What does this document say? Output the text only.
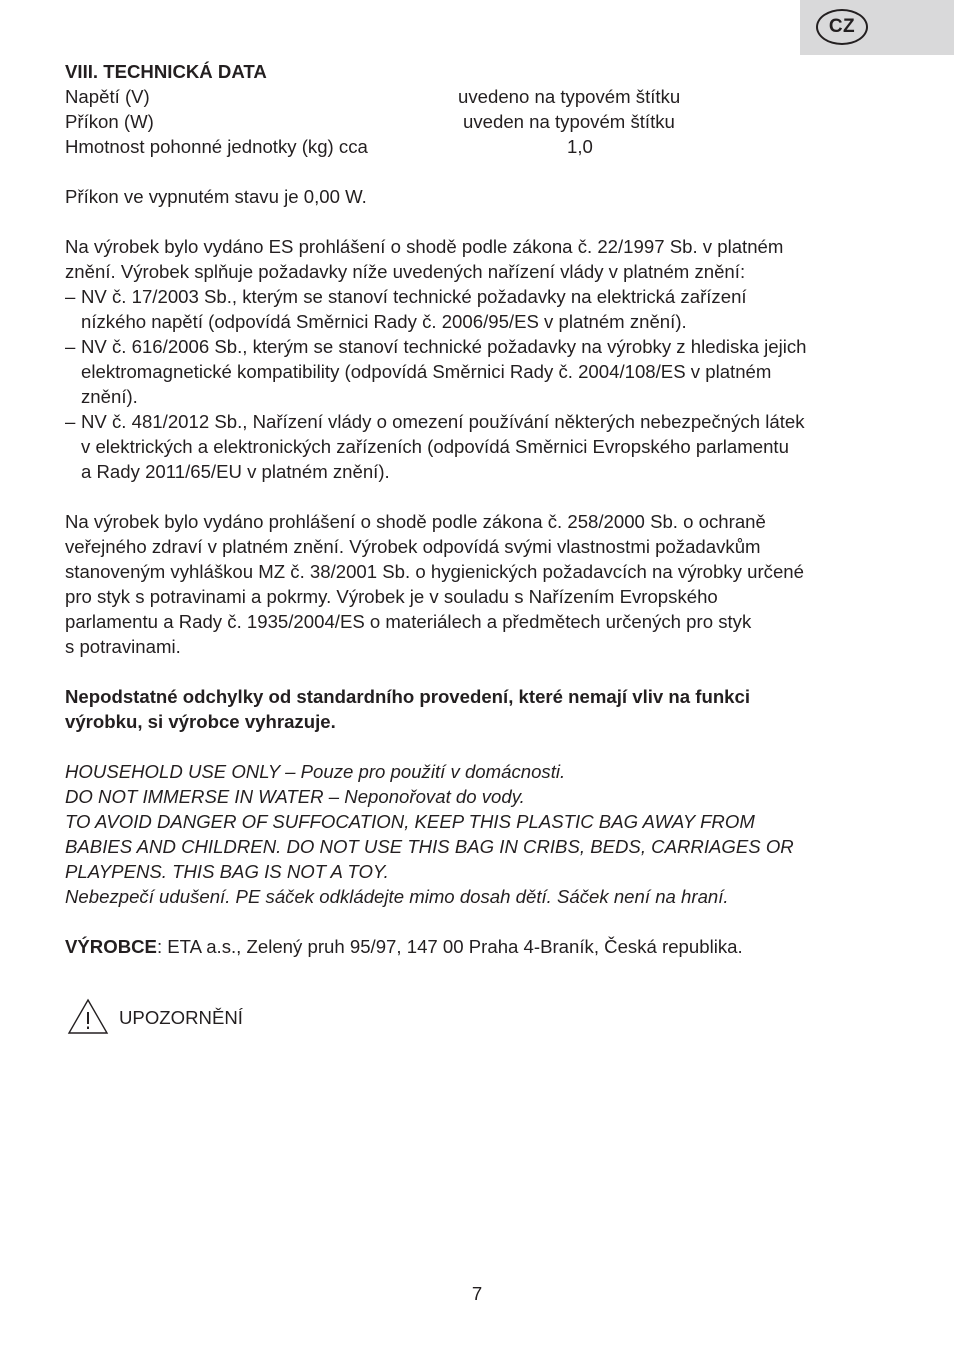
CZ
VIII. TECHNICKÁ DATA
Napětí (V)	uvedeno na typovém štítku
Příkon (W)	uveden na typovém štítku
Hmotnost pohonné jednotky (kg) cca	1,0
Příkon ve vypnutém stavu je 0,00 W.
Na výrobek bylo vydáno ES prohlášení o shodě podle zákona č. 22/1997 Sb. v platném
znění. Výrobek splňuje požadavky níže uvedených nařízení vlády v platném znění:
– NV č. 17/2003 Sb., kterým se stanoví technické požadavky na elektrická zařízení
nízkého napětí (odpovídá Směrnici Rady č. 2006/95/ES v platném znění).
– NV č. 616/2006 Sb., kterým se stanoví technické požadavky na výrobky z hlediska jejich
elektromagnetické kompatibility (odpovídá Směrnici Rady č. 2004/108/ES v platném
znění).
– NV č. 481/2012 Sb., Nařízení vlády o omezení používání některých nebezpečných látek
v elektrických a elektronických zařízeních (odpovídá Směrnici Evropského parlamentu
a Rady 2011/65/EU v platném znění).
Na výrobek bylo vydáno prohlášení o shodě podle zákona č. 258/2000 Sb. o ochraně
veřejného zdraví v platném znění. Výrobek odpovídá svými vlastnostmi požadavkům
stanoveným vyhláškou MZ č. 38/2001 Sb. o hygienických požadavcích na výrobky určené
pro styk s potravinami a pokrmy. Výrobek je v souladu s Nařízením Evropského
parlamentu a Rady č. 1935/2004/ES o materiálech a předmětech určených pro styk
s potravinami.
Nepodstatné odchylky od standardního provedení, které nemají vliv na funkci
výrobku, si výrobce vyhrazuje.
HOUSEHOLD USE ONLY – Pouze pro použití v domácnosti.
DO NOT IMMERSE IN WATER – Neponořovat do vody.
TO AVOID DANGER OF SUFFOCATION, KEEP THIS PLASTIC BAG AWAY FROM
BABIES AND CHILDREN. DO NOT USE THIS BAG IN CRIBS, BEDS, CARRIAGES OR
PLAYPENS. THIS BAG IS NOT A TOY.
Nebezpečí udušení. PE sáček odkládejte mimo dosah dětí. Sáček není na hraní.
VÝROBCE: ETA a.s., Zelený pruh 95/97, 147 00 Praha 4-Braník, Česká republika.
UPOZORNĚNÍ
7
